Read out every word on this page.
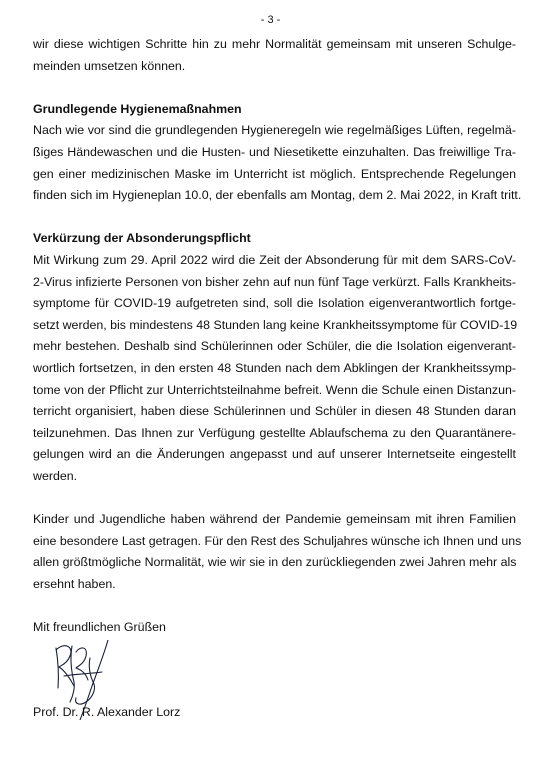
- 3 -
wir diese wichtigen Schritte hin zu mehr Normalität gemeinsam mit unseren Schulge-
meinden umsetzen können.
Grundlegende Hygienemaßnahmen
Nach wie vor sind die grundlegenden Hygieneregeln wie regelmäßiges Lüften, regelmä-
ßiges Händewaschen und die Husten- und Niesetikette einzuhalten. Das freiwillige Tra-
gen einer medizinischen Maske im Unterricht ist möglich. Entsprechende Regelungen
finden sich im Hygieneplan 10.0, der ebenfalls am Montag, dem 2. Mai 2022, in Kraft tritt.
Verkürzung der Absonderungspflicht
Mit Wirkung zum 29. April 2022 wird die Zeit der Absonderung für mit dem SARS-CoV-
2-Virus infizierte Personen von bisher zehn auf nun fünf Tage verkürzt. Falls Krankheits-
symptome für COVID-19 aufgetreten sind, soll die Isolation eigenverantwortlich fortge-
setzt werden, bis mindestens 48 Stunden lang keine Krankheitssymptome für COVID-19
mehr bestehen. Deshalb sind Schülerinnen oder Schüler, die die Isolation eigenverant-
wortlich fortsetzen, in den ersten 48 Stunden nach dem Abklingen der Krankheitssymp-
tome von der Pflicht zur Unterrichtsteilnahme befreit. Wenn die Schule einen Distanzun-
terricht organisiert, haben diese Schülerinnen und Schüler in diesen 48 Stunden daran
teilzunehmen. Das Ihnen zur Verfügung gestellte Ablaufschema zu den Quarantänere-
gelungen wird an die Änderungen angepasst und auf unserer Internetseite eingestellt
werden.
Kinder und Jugendliche haben während der Pandemie gemeinsam mit ihren Familien
eine besondere Last getragen. Für den Rest des Schuljahres wünsche ich Ihnen und uns
allen größtmögliche Normalität, wie wir sie in den zurückliegenden zwei Jahren mehr als
ersehnt haben.
Mit freundlichen Grüßen
Prof. Dr. R. Alexander Lorz
